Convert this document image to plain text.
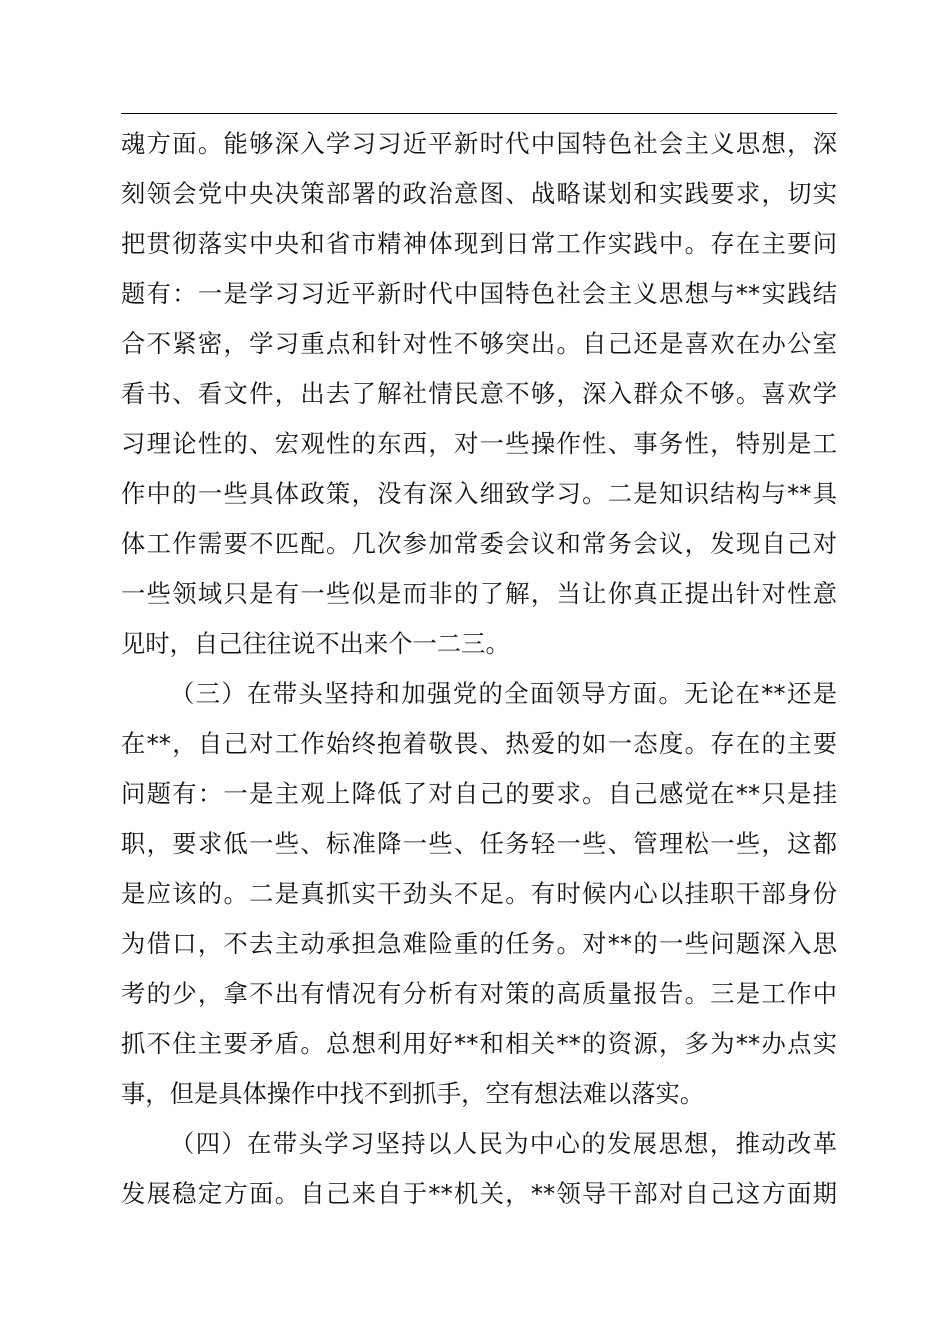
魂方面。能够深入学习习近平新时代中国特色社会主义思想，深
刻领会党中央决策部署的政治意图、战略谋划和实践要求，切实
把贯彻落实中央和省市精神体现到日常工作实践中。存在主要问
题有：一是学习习近平新时代中国特色社会主义思想与**实践结
合不紧密，学习重点和针对性不够突出。自己还是喜欢在办公室
看书、看文件，出去了解社情民意不够，深入群众不够。喜欢学
习理论性的、宏观性的东西，对一些操作性、事务性，特别是工
作中的一些具体政策，没有深入细致学习。二是知识结构与**具
体工作需要不匹配。几次参加常委会议和常务会议，发现自己对
一些领域只是有一些似是而非的了解，当让你真正提出针对性意
见时，自己往往说不出来个一二三。
（三）在带头坚持和加强党的全面领导方面。无论在**还是
在**，自己对工作始终抱着敬畏、热爱的如一态度。存在的主要
问题有：一是主观上降低了对自己的要求。自己感觉在**只是挂
职，要求低一些、标准降一些、任务轻一些、管理松一些，这都
是应该的。二是真抓实干劲头不足。有时候内心以挂职干部身份
为借口，不去主动承担急难险重的任务。对**的一些问题深入思
考的少，拿不出有情况有分析有对策的高质量报告。三是工作中
抓不住主要矛盾。总想利用好**和相关**的资源，多为**办点实
事，但是具体操作中找不到抓手，空有想法难以落实。
（四）在带头学习坚持以人民为中心的发展思想，推动改革
发展稳定方面。自己来自于**机关，**领导干部对自己这方面期
